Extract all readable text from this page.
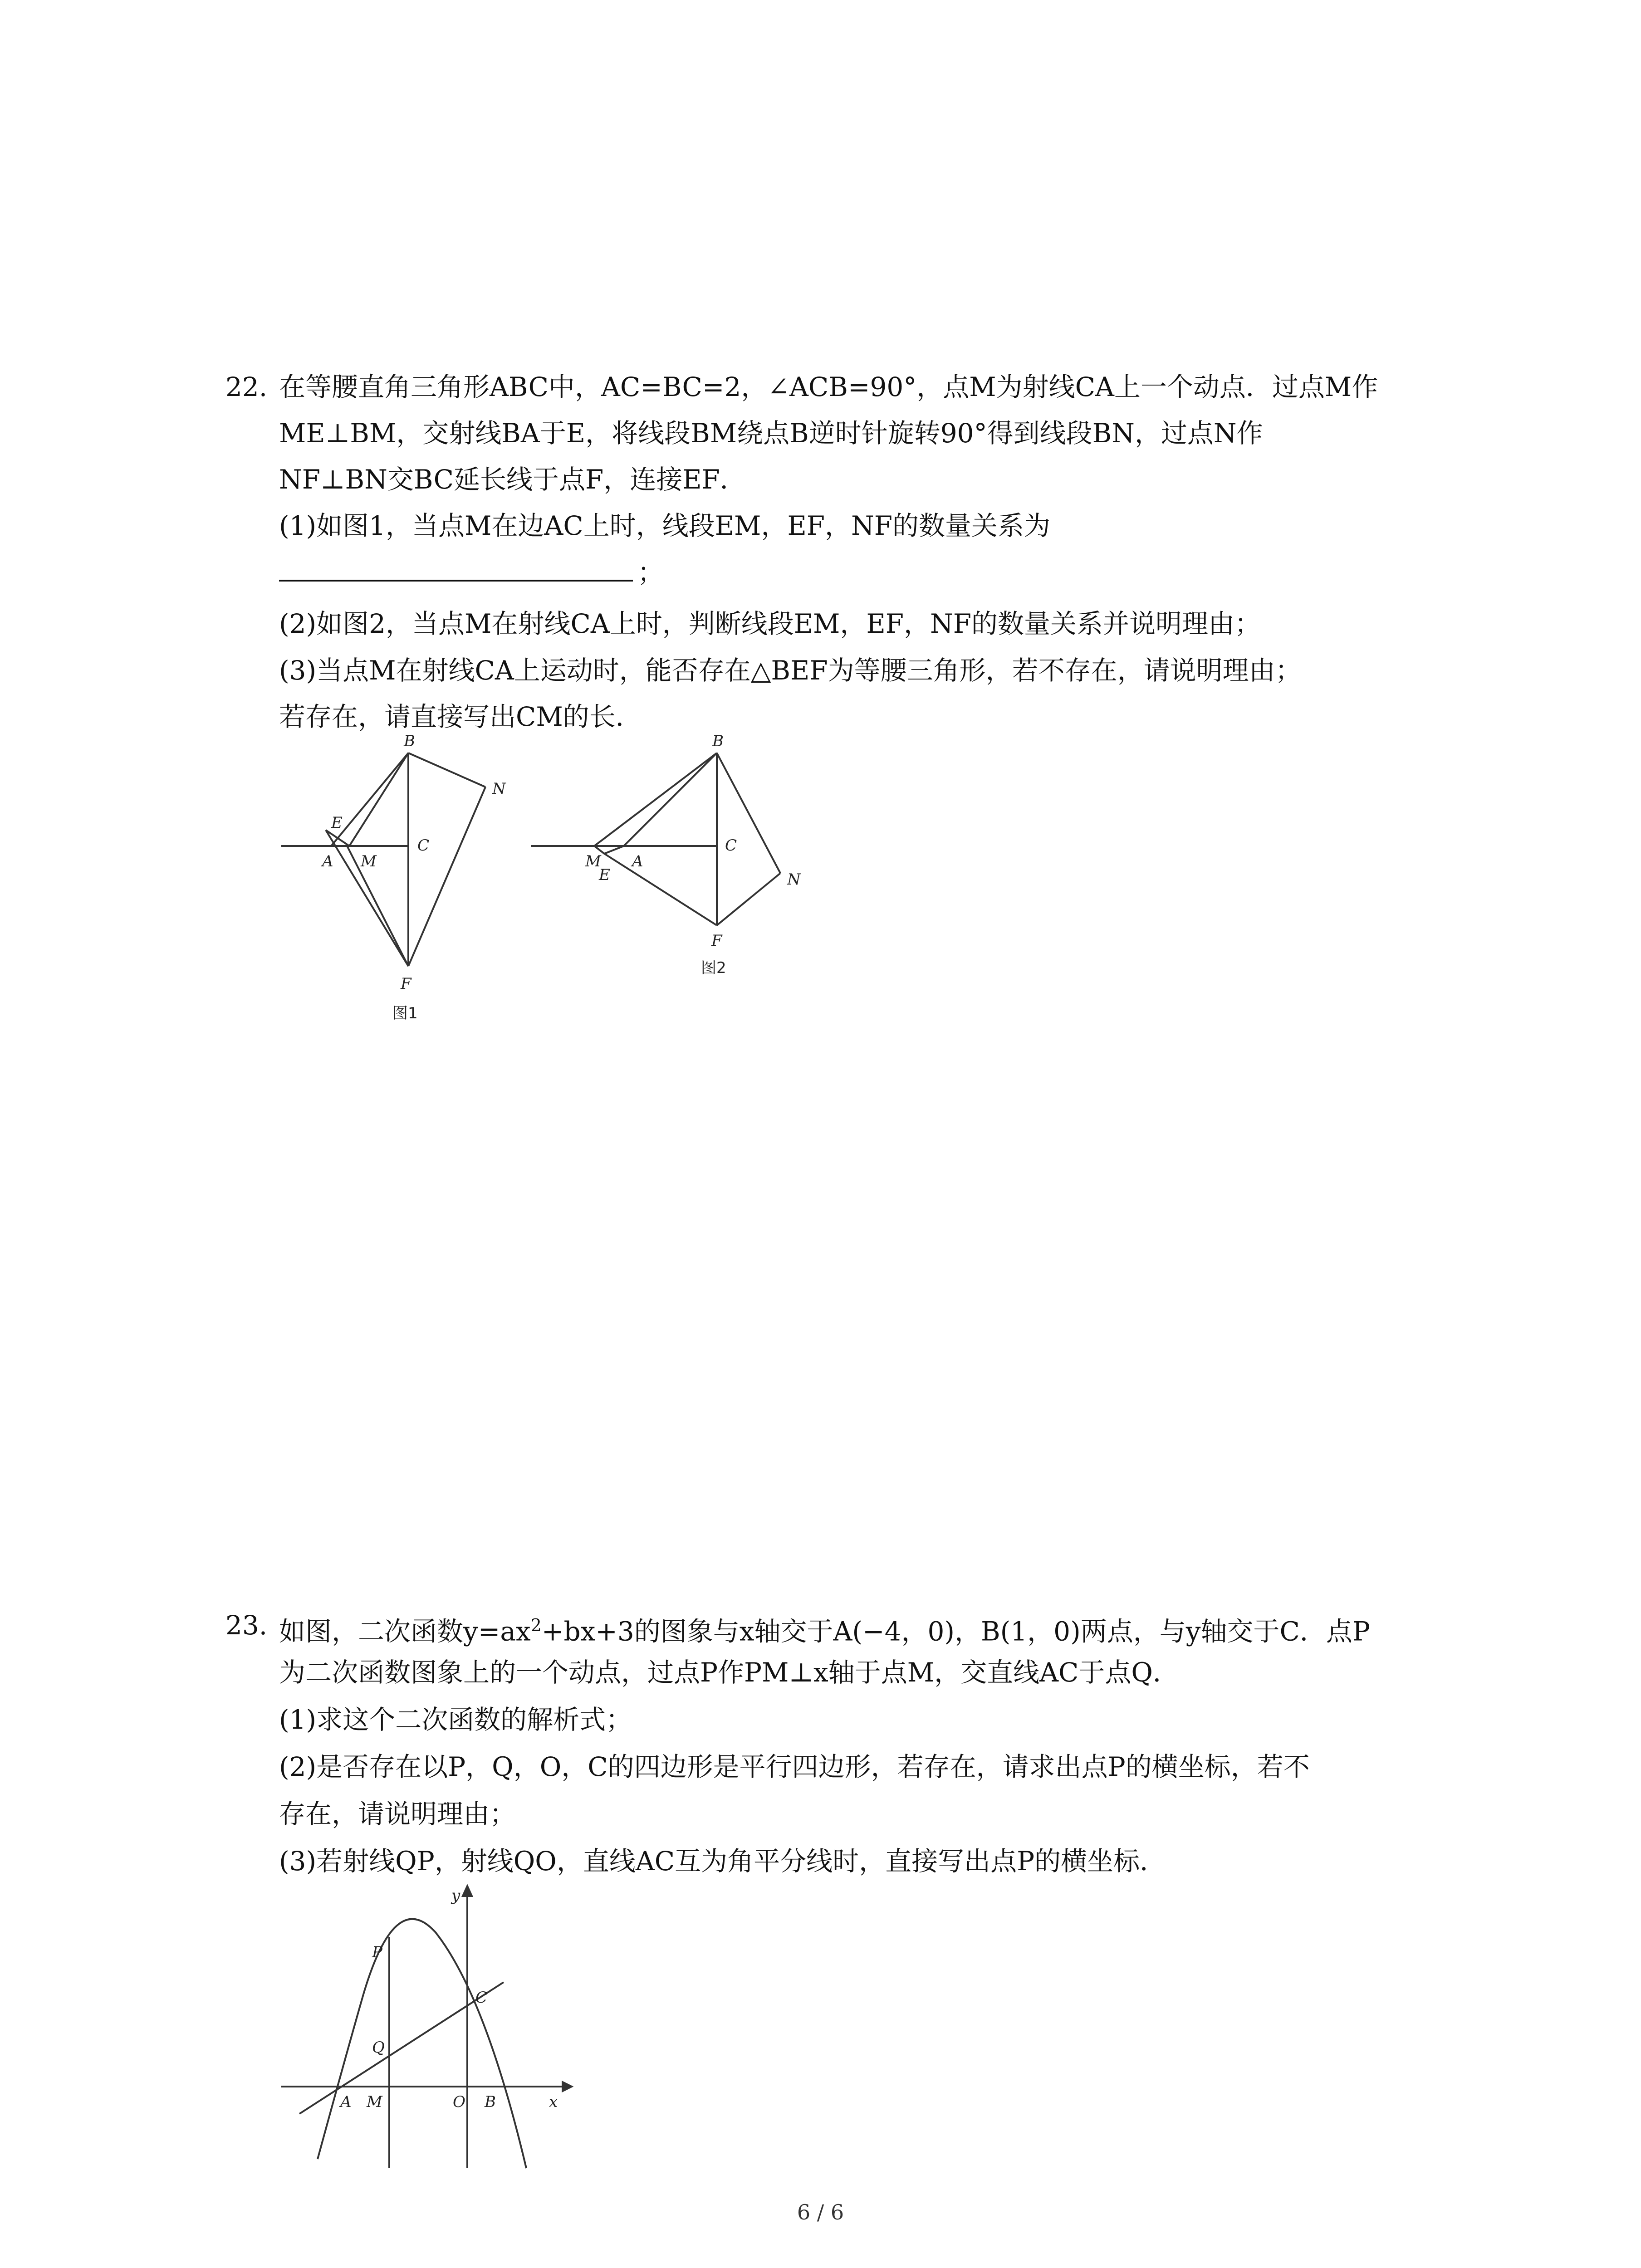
22. 在等腰直角三角形ABC中，AC=BC=2，∠ACB=90°，点M为射线CA上一个动点．过点M作
ME⊥BM，交射线BA于E，将线段BM绕点B逆时针旋转90°得到线段BN，过点N作
NF⊥BN交BC延长线于点F，连接EF．
(1)如图1，当点M在边AC上时，线段EM，EF，NF的数量关系为
；
(2)如图2，当点M在射线CA上时，判断线段EM，EF，NF的数量关系并说明理由；
(3)当点M在射线CA上运动时，能否存在△BEF为等腰三角形，若不存在，请说明理由；
若存在，请直接写出CM的长．
B
N
E
A M
C
F
图1
B
M A
E
C
N
F
图2
23. 如图，二次函数$y=ax^2+bx+3$的图象与x轴交于A(−4，0)，B(1，0)两点，与y轴交于C．点P
为二次函数图象上的一个动点，过点P作PM⊥x轴于点M，交直线AC于点Q．
(1)求这个二次函数的解析式；
(2)是否存在以P，Q，O，C的四边形是平行四边形，若存在，请求出点P的横坐标，若不
存在，请说明理由；
(3)若射线QP，射线QO，直线AC互为角平分线时，直接写出点P的横坐标．
y
P
C
Q
A M	O B	x
6 / 6
